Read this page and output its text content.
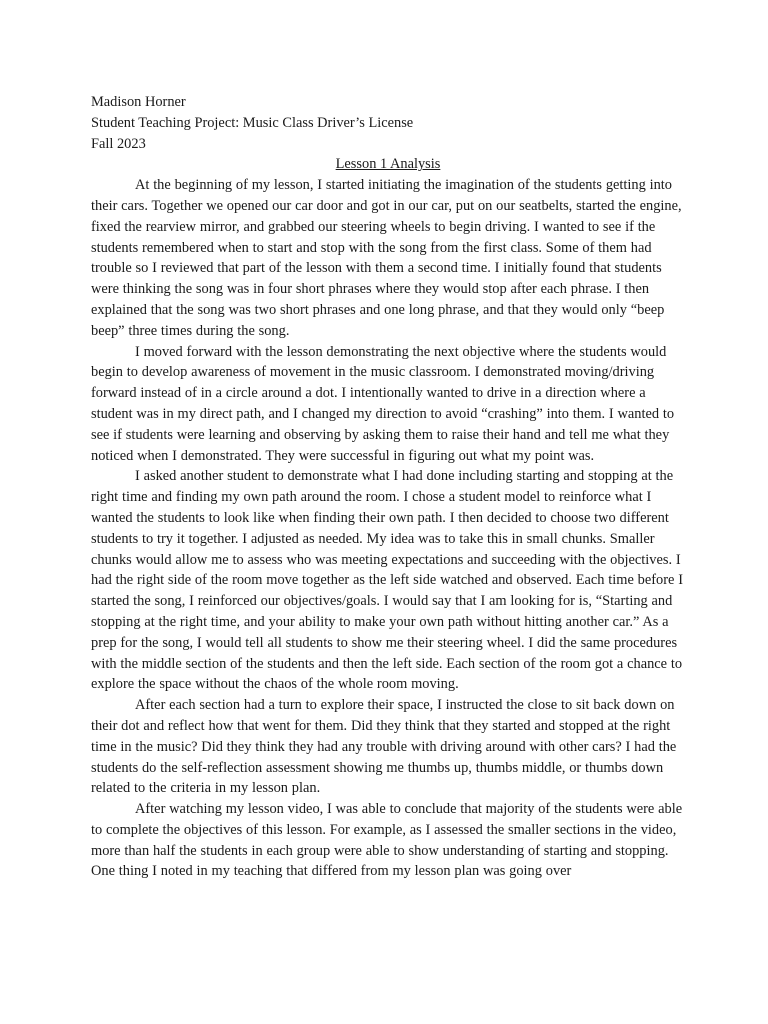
Madison Horner
Student Teaching Project: Music Class Driver’s License
Fall 2023
Lesson 1 Analysis

At the beginning of my lesson, I started initiating the imagination of the students getting into their cars. Together we opened our car door and got in our car, put on our seatbelts, started the engine, fixed the rearview mirror, and grabbed our steering wheels to begin driving. I wanted to see if the students remembered when to start and stop with the song from the first class. Some of them had trouble so I reviewed that part of the lesson with them a second time. I initially found that students were thinking the song was in four short phrases where they would stop after each phrase. I then explained that the song was two short phrases and one long phrase, and that they would only “beep beep” three times during the song.

I moved forward with the lesson demonstrating the next objective where the students would begin to develop awareness of movement in the music classroom. I demonstrated moving/driving forward instead of in a circle around a dot. I intentionally wanted to drive in a direction where a student was in my direct path, and I changed my direction to avoid “crashing” into them. I wanted to see if students were learning and observing by asking them to raise their hand and tell me what they noticed when I demonstrated. They were successful in figuring out what my point was.

I asked another student to demonstrate what I had done including starting and stopping at the right time and finding my own path around the room. I chose a student model to reinforce what I wanted the students to look like when finding their own path. I then decided to choose two different students to try it together. I adjusted as needed. My idea was to take this in small chunks. Smaller chunks would allow me to assess who was meeting expectations and succeeding with the objectives. I had the right side of the room move together as the left side watched and observed. Each time before I started the song, I reinforced our objectives/goals. I would say that I am looking for is, “Starting and stopping at the right time, and your ability to make your own path without hitting another car.” As a prep for the song, I would tell all students to show me their steering wheel. I did the same procedures with the middle section of the students and then the left side. Each section of the room got a chance to explore the space without the chaos of the whole room moving.

After each section had a turn to explore their space, I instructed the close to sit back down on their dot and reflect how that went for them. Did they think that they started and stopped at the right time in the music? Did they think they had any trouble with driving around with other cars? I had the students do the self-reflection assessment showing me thumbs up, thumbs middle, or thumbs down related to the criteria in my lesson plan.

After watching my lesson video, I was able to conclude that majority of the students were able to complete the objectives of this lesson. For example, as I assessed the smaller sections in the video, more than half the students in each group were able to show understanding of starting and stopping. One thing I noted in my teaching that differed from my lesson plan was going over
